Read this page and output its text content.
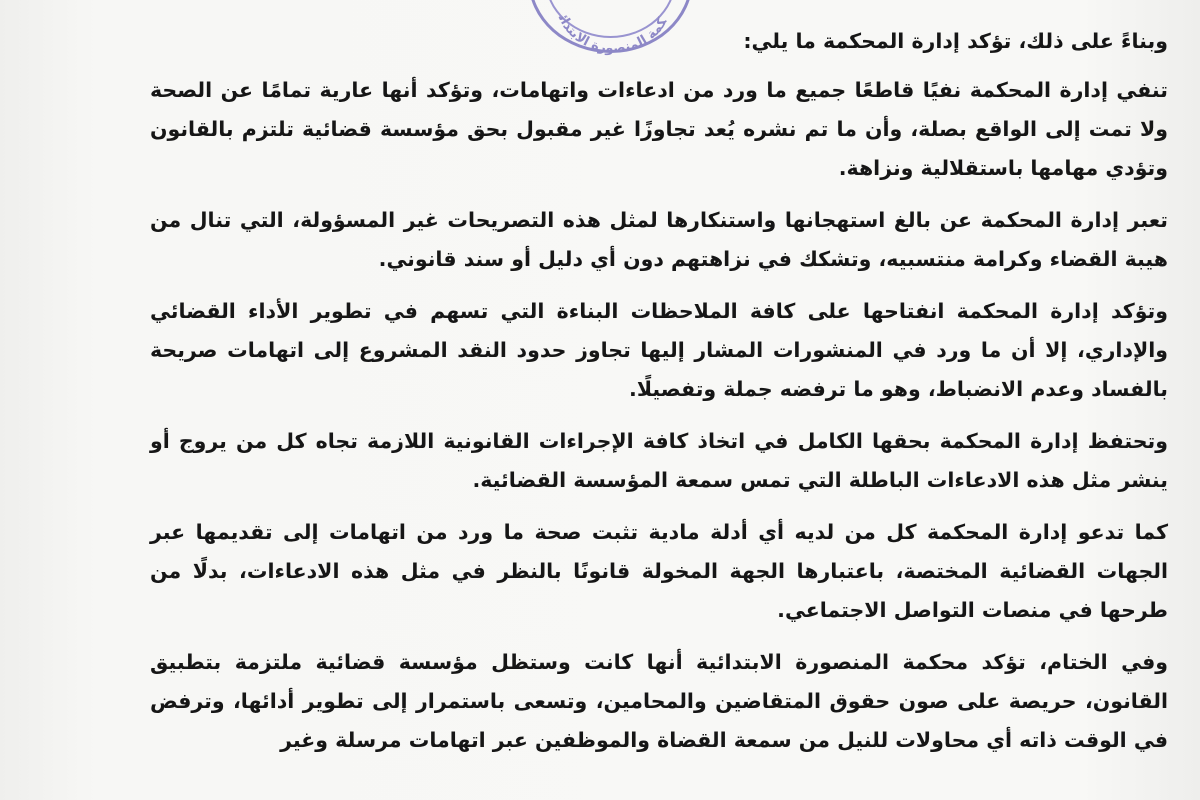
كمة المنصورة الابتدائية	وبناءً على ذلك، تؤكد إدارة المحكمة ما يلي:

تنفي إدارة المحكمة نفيًا قاطعًا جميع ما ورد من ادعاءات واتهامات، وتؤكد أنها عارية تمامًا عن الصحة ولا تمت إلى الواقع بصلة، وأن ما تم نشره يُعد تجاوزًا غير مقبول بحق مؤسسة قضائية تلتزم بالقانون وتؤدي مهامها باستقلالية ونزاهة.

تعبر إدارة المحكمة عن بالغ استهجانها واستنكارها لمثل هذه التصريحات غير المسؤولة، التي تنال من هيبة القضاء وكرامة منتسبيه، وتشكك في نزاهتهم دون أي دليل أو سند قانوني.

وتؤكد إدارة المحكمة انفتاحها على كافة الملاحظات البناءة التي تسهم في تطوير الأداء القضائي والإداري، إلا أن ما ورد في المنشورات المشار إليها تجاوز حدود النقد المشروع إلى اتهامات صريحة بالفساد وعدم الانضباط، وهو ما ترفضه جملة وتفصيلًا.

وتحتفظ إدارة المحكمة بحقها الكامل في اتخاذ كافة الإجراءات القانونية اللازمة تجاه كل من يروج أو ينشر مثل هذه الادعاءات الباطلة التي تمس سمعة المؤسسة القضائية.

كما تدعو إدارة المحكمة كل من لديه أي أدلة مادية تثبت صحة ما ورد من اتهامات إلى تقديمها عبر الجهات القضائية المختصة، باعتبارها الجهة المخولة قانونًا بالنظر في مثل هذه الادعاءات، بدلًا من طرحها في منصات التواصل الاجتماعي.

وفي الختام، تؤكد محكمة المنصورة الابتدائية أنها كانت وستظل مؤسسة قضائية ملتزمة بتطبيق القانون، حريصة على صون حقوق المتقاضين والمحامين، وتسعى باستمرار إلى تطوير أدائها، وترفض في الوقت ذاته أي محاولات للنيل من سمعة القضاة والموظفين عبر اتهامات مرسلة وغير
